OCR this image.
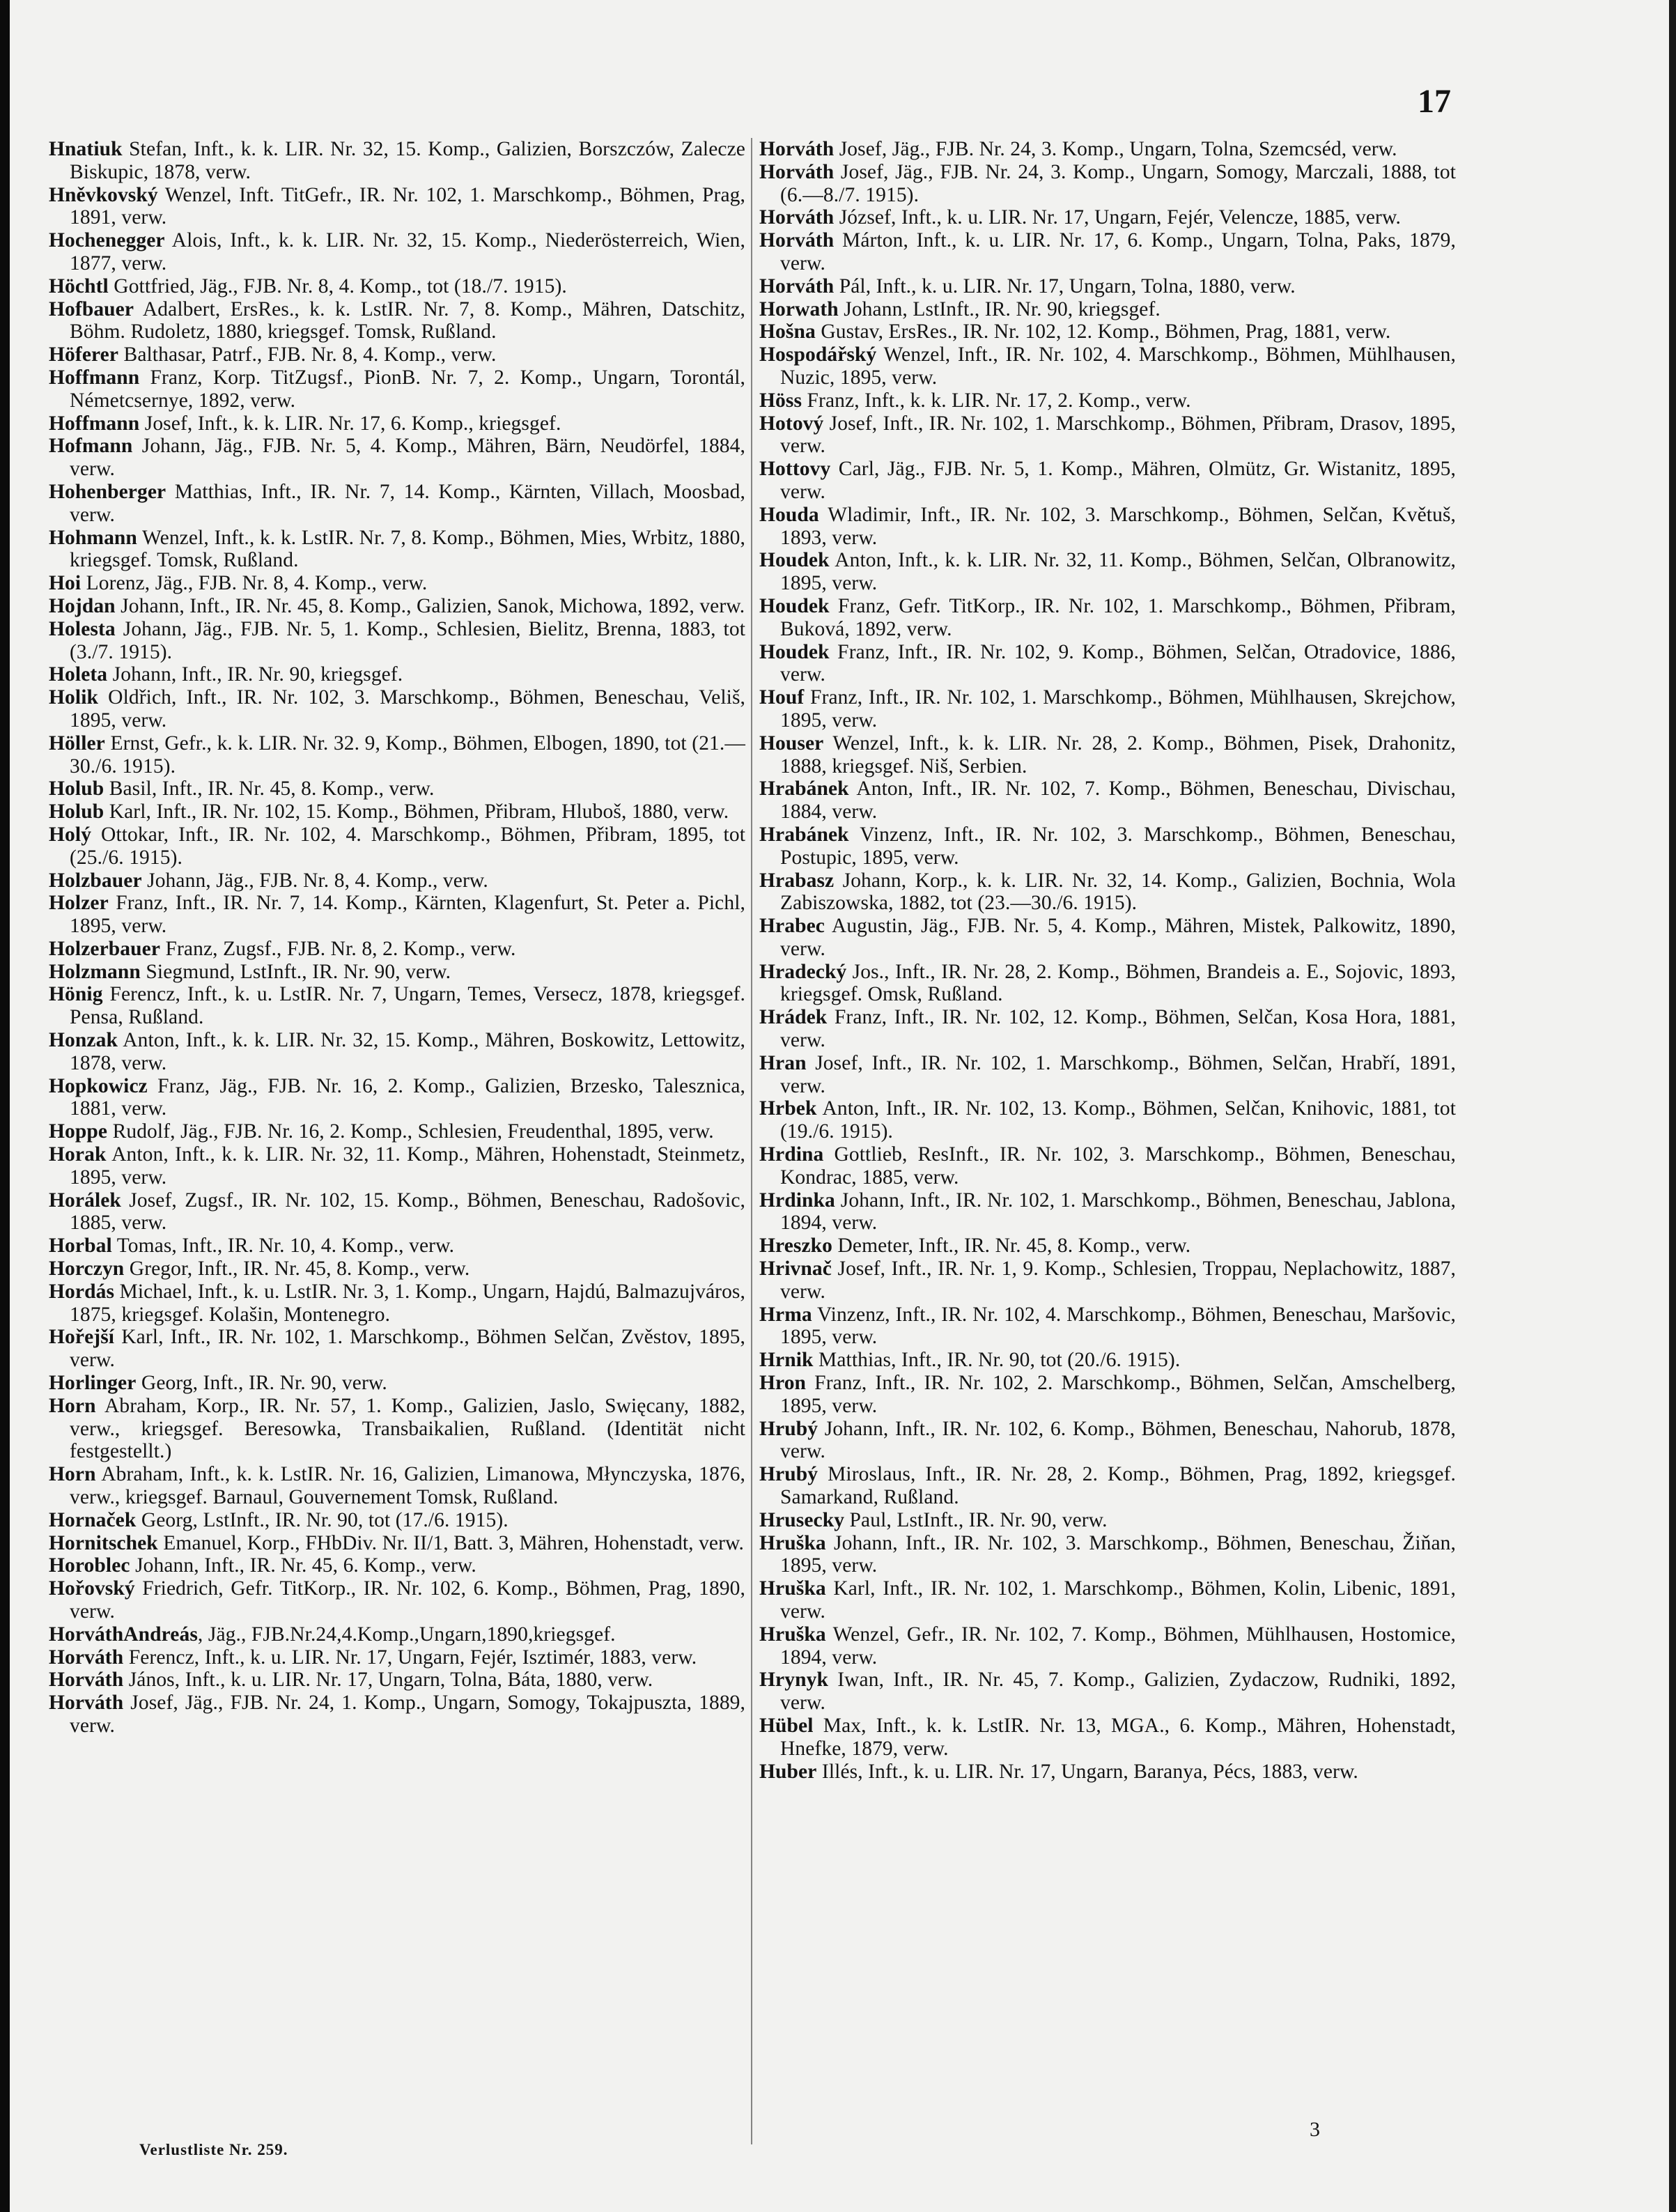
17

Hnatiuk Stefan, Inft., k. k. LIR. Nr. 32, 15. Komp., Galizien, Borszczów, Zalecze Biskupic, 1878, verw.

Hněvkovský Wenzel, Inft. TitGefr., IR. Nr. 102, 1. Marschkomp., Böhmen, Prag, 1891, verw.

Hochenegger Alois, Inft., k. k. LIR. Nr. 32, 15. Komp., Niederösterreich, Wien, 1877, verw.

Höchtl Gottfried, Jäg., FJB. Nr. 8, 4. Komp., tot (18./7. 1915).

Hofbauer Adalbert, ErsRes., k. k. LstIR. Nr. 7, 8. Komp., Mähren, Datschitz, Böhm. Rudoletz, 1880, kriegsgef. Tomsk, Rußland.

Höferer Balthasar, Patrf., FJB. Nr. 8, 4. Komp., verw.

Hoffmann Franz, Korp. TitZugsf., PionB. Nr. 7, 2. Komp., Ungarn, Torontál, Németcsernye, 1892, verw.

Hoffmann Josef, Inft., k. k. LIR. Nr. 17, 6. Komp., kriegsgef.

Hofmann Johann, Jäg., FJB. Nr. 5, 4. Komp., Mähren, Bärn, Neudörfel, 1884, verw.

Hohenberger Matthias, Inft., IR. Nr. 7, 14. Komp., Kärnten, Villach, Moosbad, verw.

Hohmann Wenzel, Inft., k. k. LstIR. Nr. 7, 8. Komp., Böhmen, Mies, Wrbitz, 1880, kriegsgef. Tomsk, Rußland.

Hoi Lorenz, Jäg., FJB. Nr. 8, 4. Komp., verw.

Hojdan Johann, Inft., IR. Nr. 45, 8. Komp., Galizien, Sanok, Michowa, 1892, verw.

Holesta Johann, Jäg., FJB. Nr. 5, 1. Komp., Schlesien, Bielitz, Brenna, 1883, tot (3./7. 1915).

Holeta Johann, Inft., IR. Nr. 90, kriegsgef.

Holik Oldřich, Inft., IR. Nr. 102, 3. Marschkomp., Böhmen, Beneschau, Veliš, 1895, verw.

Höller Ernst, Gefr., k. k. LIR. Nr. 32. 9, Komp., Böhmen, Elbogen, 1890, tot (21.—30./6. 1915).

Holub Basil, Inft., IR. Nr. 45, 8. Komp., verw.

Holub Karl, Inft., IR. Nr. 102, 15. Komp., Böhmen, Přibram, Hluboš, 1880, verw.

Holý Ottokar, Inft., IR. Nr. 102, 4. Marschkomp., Böhmen, Přibram, 1895, tot (25./6. 1915).

Holzbauer Johann, Jäg., FJB. Nr. 8, 4. Komp., verw.

Holzer Franz, Inft., IR. Nr. 7, 14. Komp., Kärnten, Klagenfurt, St. Peter a. Pichl, 1895, verw.

Holzerbauer Franz, Zugsf., FJB. Nr. 8, 2. Komp., verw.

Holzmann Siegmund, LstInft., IR. Nr. 90, verw.

Hönig Ferencz, Inft., k. u. LstIR. Nr. 7, Ungarn, Temes, Versecz, 1878, kriegsgef. Pensa, Rußland.

Honzak Anton, Inft., k. k. LIR. Nr. 32, 15. Komp., Mähren, Boskowitz, Lettowitz, 1878, verw.

Hopkowicz Franz, Jäg., FJB. Nr. 16, 2. Komp., Galizien, Brzesko, Talesznica, 1881, verw.

Hoppe Rudolf, Jäg., FJB. Nr. 16, 2. Komp., Schlesien, Freudenthal, 1895, verw.

Horak Anton, Inft., k. k. LIR. Nr. 32, 11. Komp., Mähren, Hohenstadt, Steinmetz, 1895, verw.

Horálek Josef, Zugsf., IR. Nr. 102, 15. Komp., Böhmen, Beneschau, Radošovic, 1885, verw.

Horbal Tomas, Inft., IR. Nr. 10, 4. Komp., verw.

Horczyn Gregor, Inft., IR. Nr. 45, 8. Komp., verw.

Hordás Michael, Inft., k. u. LstIR. Nr. 3, 1. Komp., Ungarn, Hajdú, Balmazujváros, 1875, kriegsgef. Kolašin, Montenegro.

Hořejší Karl, Inft., IR. Nr. 102, 1. Marschkomp., Böhmen Selčan, Zvěstov, 1895, verw.

Horlinger Georg, Inft., IR. Nr. 90, verw.

Horn Abraham, Korp., IR. Nr. 57, 1. Komp., Galizien, Jaslo, Swięcany, 1882, verw., kriegsgef. Beresowka, Transbaikalien, Rußland. (Identität nicht festgestellt.)

Horn Abraham, Inft., k. k. LstIR. Nr. 16, Galizien, Limanowa, Młynczyska, 1876, verw., kriegsgef. Barnaul, Gouvernement Tomsk, Rußland.

Hornaček Georg, LstInft., IR. Nr. 90, tot (17./6. 1915).

Hornitschek Emanuel, Korp., FHbDiv. Nr. II/1, Batt. 3, Mähren, Hohenstadt, verw.

Horoblec Johann, Inft., IR. Nr. 45, 6. Komp., verw.

Hořovský Friedrich, Gefr. TitKorp., IR. Nr. 102, 6. Komp., Böhmen, Prag, 1890, verw.

HorváthAndreás, Jäg., FJB.Nr.24,4.Komp.,Ungarn,1890,kriegsgef.

Horváth Ferencz, Inft., k. u. LIR. Nr. 17, Ungarn, Fejér, Isztimér, 1883, verw.

Horváth János, Inft., k. u. LIR. Nr. 17, Ungarn, Tolna, Báta, 1880, verw.

Horváth Josef, Jäg., FJB. Nr. 24, 1. Komp., Ungarn, Somogy, Tokajpuszta, 1889, verw.

Horváth Josef, Jäg., FJB. Nr. 24, 3. Komp., Ungarn, Tolna, Szemcséd, verw.

Horváth Josef, Jäg., FJB. Nr. 24, 3. Komp., Ungarn, Somogy, Marczali, 1888, tot (6.—8./7. 1915).

Horváth József, Inft., k. u. LIR. Nr. 17, Ungarn, Fejér, Velencze, 1885, verw.

Horváth Márton, Inft., k. u. LIR. Nr. 17, 6. Komp., Ungarn, Tolna, Paks, 1879, verw.

Horváth Pál, Inft., k. u. LIR. Nr. 17, Ungarn, Tolna, 1880, verw.

Horwath Johann, LstInft., IR. Nr. 90, kriegsgef.

Hošna Gustav, ErsRes., IR. Nr. 102, 12. Komp., Böhmen, Prag, 1881, verw.

Hospodářský Wenzel, Inft., IR. Nr. 102, 4. Marschkomp., Böhmen, Mühlhausen, Nuzic, 1895, verw.

Höss Franz, Inft., k. k. LIR. Nr. 17, 2. Komp., verw.

Hotový Josef, Inft., IR. Nr. 102, 1. Marschkomp., Böhmen, Přibram, Drasov, 1895, verw.

Hottovy Carl, Jäg., FJB. Nr. 5, 1. Komp., Mähren, Olmütz, Gr. Wistanitz, 1895, verw.

Houda Wladimir, Inft., IR. Nr. 102, 3. Marschkomp., Böhmen, Selčan, Květuš, 1893, verw.

Houdek Anton, Inft., k. k. LIR. Nr. 32, 11. Komp., Böhmen, Selčan, Olbranowitz, 1895, verw.

Houdek Franz, Gefr. TitKorp., IR. Nr. 102, 1. Marschkomp., Böhmen, Přibram, Buková, 1892, verw.

Houdek Franz, Inft., IR. Nr. 102, 9. Komp., Böhmen, Selčan, Otradovice, 1886, verw.

Houf Franz, Inft., IR. Nr. 102, 1. Marschkomp., Böhmen, Mühlhausen, Skrejchow, 1895, verw.

Houser Wenzel, Inft., k. k. LIR. Nr. 28, 2. Komp., Böhmen, Pisek, Drahonitz, 1888, kriegsgef. Niš, Serbien.

Hrabánek Anton, Inft., IR. Nr. 102, 7. Komp., Böhmen, Beneschau, Divischau, 1884, verw.

Hrabánek Vinzenz, Inft., IR. Nr. 102, 3. Marschkomp., Böhmen, Beneschau, Postupic, 1895, verw.

Hrabasz Johann, Korp., k. k. LIR. Nr. 32, 14. Komp., Galizien, Bochnia, Wola Zabiszowska, 1882, tot (23.—30./6. 1915).

Hrabec Augustin, Jäg., FJB. Nr. 5, 4. Komp., Mähren, Mistek, Palkowitz, 1890, verw.

Hradecký Jos., Inft., IR. Nr. 28, 2. Komp., Böhmen, Brandeis a. E., Sojovic, 1893, kriegsgef. Omsk, Rußland.

Hrádek Franz, Inft., IR. Nr. 102, 12. Komp., Böhmen, Selčan, Kosa Hora, 1881, verw.

Hran Josef, Inft., IR. Nr. 102, 1. Marschkomp., Böhmen, Selčan, Hrabří, 1891, verw.

Hrbek Anton, Inft., IR. Nr. 102, 13. Komp., Böhmen, Selčan, Knihovic, 1881, tot (19./6. 1915).

Hrdina Gottlieb, ResInft., IR. Nr. 102, 3. Marschkomp., Böhmen, Beneschau, Kondrac, 1885, verw.

Hrdinka Johann, Inft., IR. Nr. 102, 1. Marschkomp., Böhmen, Beneschau, Jablona, 1894, verw.

Hreszko Demeter, Inft., IR. Nr. 45, 8. Komp., verw.

Hrivnač Josef, Inft., IR. Nr. 1, 9. Komp., Schlesien, Troppau, Neplachowitz, 1887, verw.

Hrma Vinzenz, Inft., IR. Nr. 102, 4. Marschkomp., Böhmen, Beneschau, Maršovic, 1895, verw.

Hrnik Matthias, Inft., IR. Nr. 90, tot (20./6. 1915).

Hron Franz, Inft., IR. Nr. 102, 2. Marschkomp., Böhmen, Selčan, Amschelberg, 1895, verw.

Hrubý Johann, Inft., IR. Nr. 102, 6. Komp., Böhmen, Beneschau, Nahorub, 1878, verw.

Hrubý Miroslaus, Inft., IR. Nr. 28, 2. Komp., Böhmen, Prag, 1892, kriegsgef. Samarkand, Rußland.

Hrusecky Paul, LstInft., IR. Nr. 90, verw.

Hruška Johann, Inft., IR. Nr. 102, 3. Marschkomp., Böhmen, Beneschau, Žiňan, 1895, verw.

Hruška Karl, Inft., IR. Nr. 102, 1. Marschkomp., Böhmen, Kolin, Libenic, 1891, verw.

Hruška Wenzel, Gefr., IR. Nr. 102, 7. Komp., Böhmen, Mühlhausen, Hostomice, 1894, verw.

Hrynyk Iwan, Inft., IR. Nr. 45, 7. Komp., Galizien, Zydaczow, Rudniki, 1892, verw.

Hübel Max, Inft., k. k. LstIR. Nr. 13, MGA., 6. Komp., Mähren, Hohenstadt, Hnefke, 1879, verw.

Huber Illés, Inft., k. u. LIR. Nr. 17, Ungarn, Baranya, Pécs, 1883, verw.

Verlustliste Nr. 259.
3
